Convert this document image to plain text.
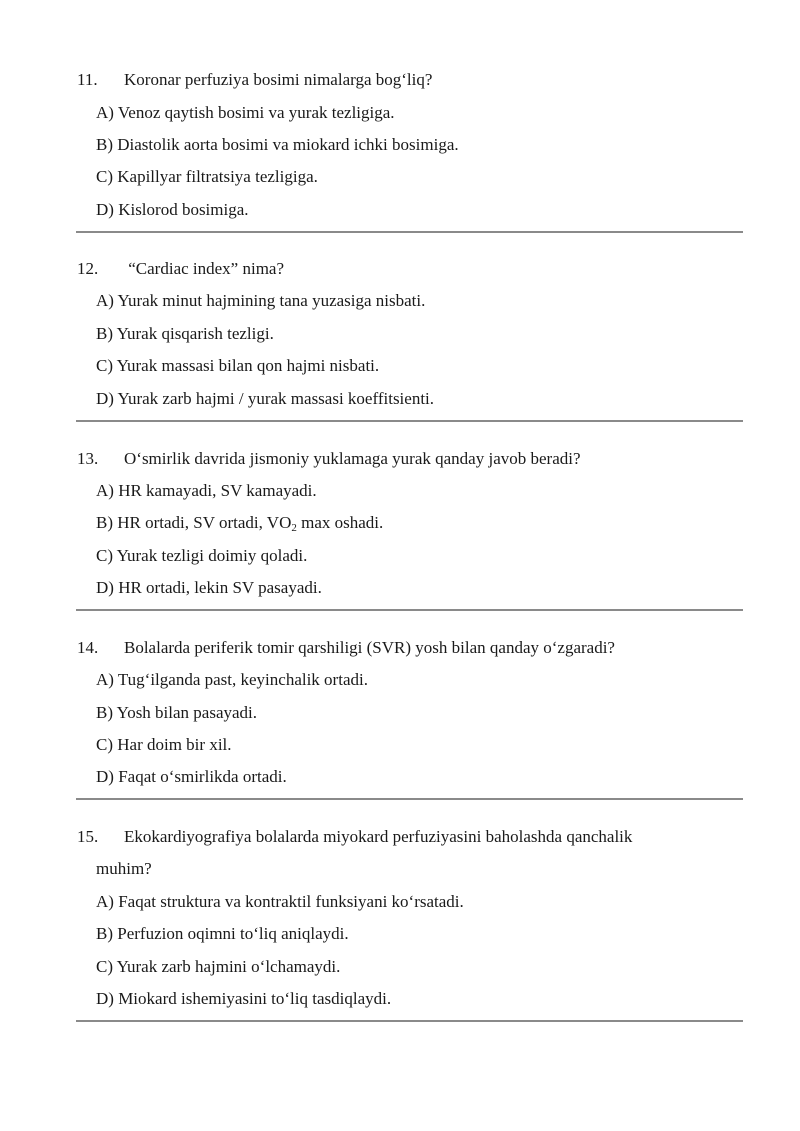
11. Koronar perfuziya bosimi nimalarga bog‘liq?
A) Venoz qaytish bosimi va yurak tezligiga.
B) Diastolik aorta bosimi va miokard ichki bosimiga.
C) Kapillyar filtratsiya tezligiga.
D) Kislorod bosimiga.
12. “Cardiac index” nima?
A) Yurak minut hajmining tana yuzasiga nisbati.
B) Yurak qisqarish tezligi.
C) Yurak massasi bilan qon hajmi nisbati.
D) Yurak zarb hajmi / yurak massasi koeffitsienti.
13. O‘smirlik davrida jismoniy yuklamaga yurak qanday javob beradi?
A) HR kamayadi, SV kamayadi.
B) HR ortadi, SV ortadi, $VO_2$ max oshadi.
C) Yurak tezligi doimiy qoladi.
D) HR ortadi, lekin SV pasayadi.
14. Bolalarda periferik tomir qarshiligi (SVR) yosh bilan qanday o‘zgaradi?
A) Tug‘ilganda past, keyinchalik ortadi.
B) Yosh bilan pasayadi.
C) Har doim bir xil.
D) Faqat o‘smirlikda ortadi.
15. Ekokardiyografiya bolalarda miyokard perfuziyasini baholashda qanchalik
muhim?
A) Faqat struktura va kontraktil funksiyani ko‘rsatadi.
B) Perfuzion oqimni to‘liq aniqlaydi.
C) Yurak zarb hajmini o‘lchamaydi.
D) Miokard ishemiyasini to‘liq tasdiqlaydi.
